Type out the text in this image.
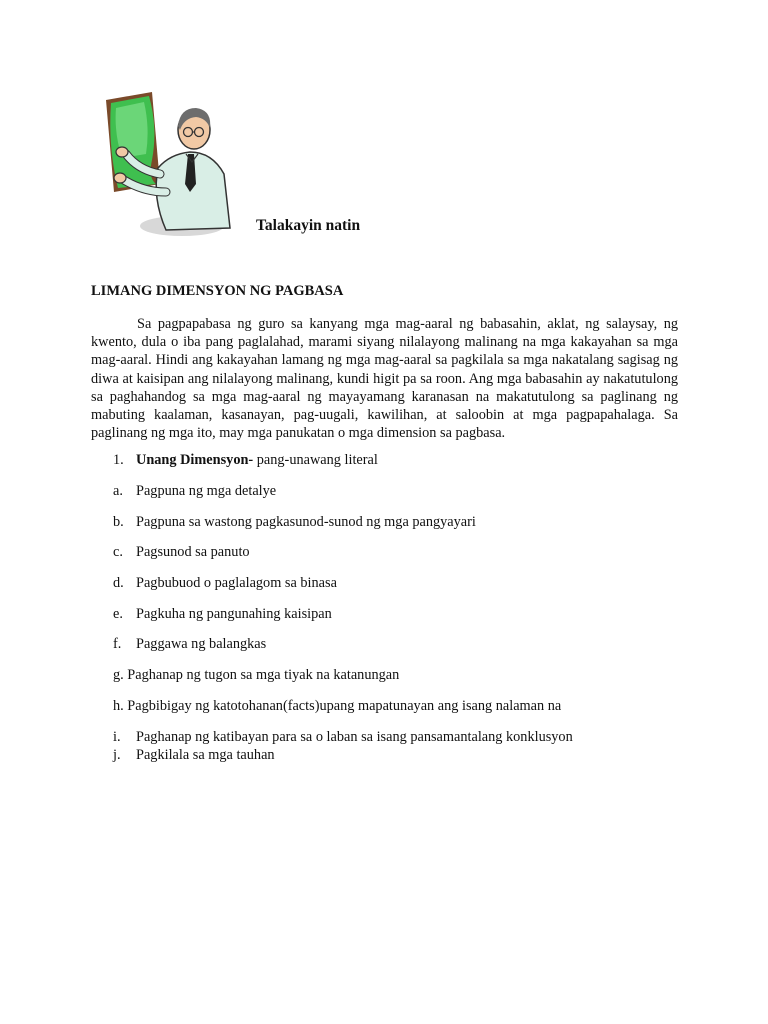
Talakayin natin

LIMANG DIMENSYON NG PAGBASA

Sa pagpapabasa ng guro sa kanyang mga mag-aaral ng babasahin, aklat, ng salaysay, ng kwento, dula o iba pang paglalahad, marami siyang nilalayong malinang na mga kakayahan sa mga mag-aaral. Hindi ang kakayahan lamang ng mga mag-aaral sa pagkilala sa mga nakatalang sagisag ng diwa at kaisipan ang nilalayong malinang, kundi higit pa sa roon. Ang mga babasahin ay nakatutulong sa paghahandog sa mga mag-aaral ng mayayamang karanasan na makatutulong sa paglinang ng mabuting kaalaman, kasanayan, pag-uugali, kawilihan, at saloobin at mga pagpapahalaga. Sa paglinang ng mga ito, may mga panukatan o mga dimension sa pagbasa.

1. Unang Dimensyon- pang-unawang literal
a. Pagpuna ng mga detalye
b. Pagpuna sa wastong pagkasunod-sunod ng mga pangyayari
c. Pagsunod sa panuto
d. Pagbubuod o paglalagom sa binasa
e. Pagkuha ng pangunahing kaisipan
f. Paggawa ng balangkas

g. Paghanap ng tugon sa mga tiyak na katanungan

h. Pagbibigay ng katotohanan(facts)upang mapatunayan ang isang nalaman na

i. Paghanap ng katibayan para sa o laban sa isang pansamantalang konklusyon
j. Pagkilala sa mga tauhan
